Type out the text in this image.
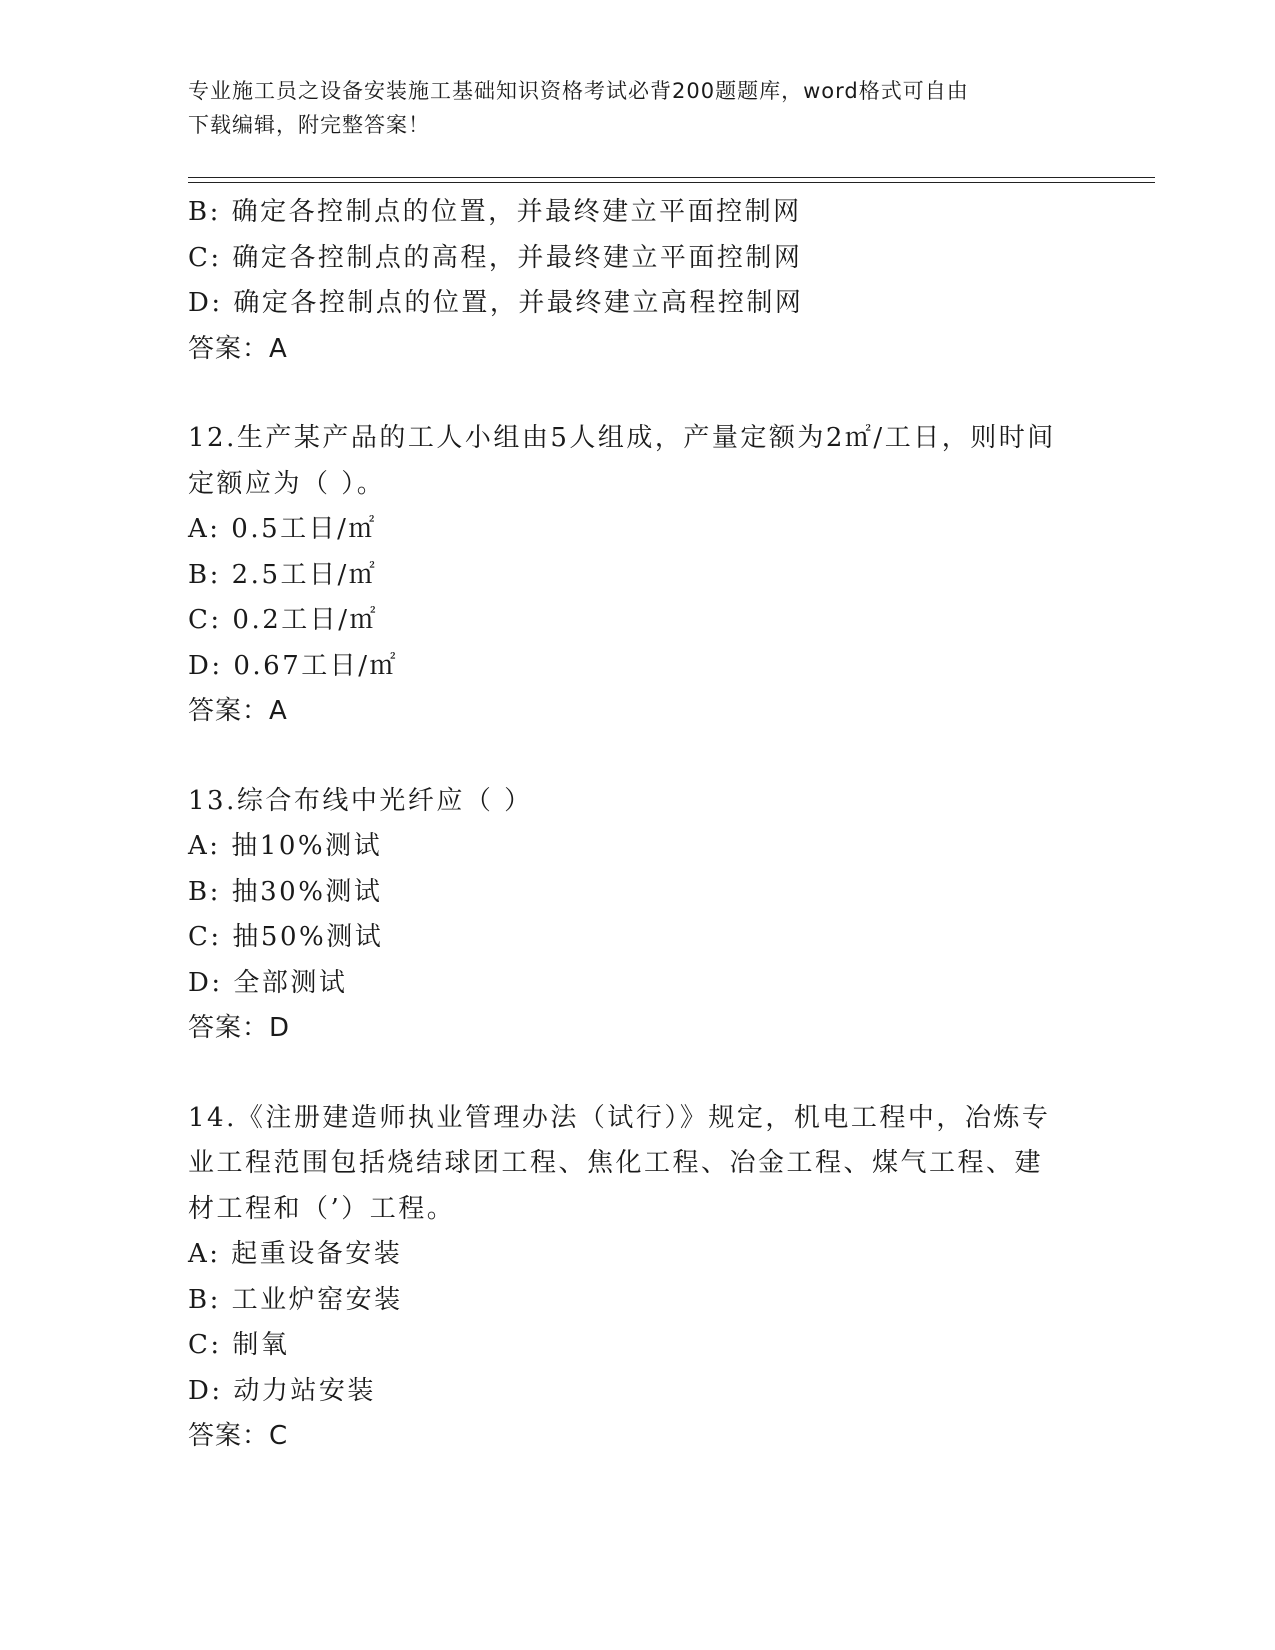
专业施工员之设备安装施工基础知识资格考试必背200题题库，word格式可自由
下载编辑，附完整答案！
B: 确定各控制点的位置，并最终建立平面控制网
C: 确定各控制点的高程，并最终建立平面控制网
D: 确定各控制点的位置，并最终建立高程控制网
答案：A
12.生产某产品的工人小组由5人组成，产量定额为2㎡/工日，则时间
定额应为（ ）。
A: 0.5工日/㎡
B: 2.5工日/㎡
C: 0.2工日/㎡
D: 0.67工日/㎡
答案：A
13.综合布线中光纤应（ ）
A: 抽10%测试
B: 抽30%测试
C: 抽50%测试
D: 全部测试
答案：D
14.《注册建造师执业管理办法（试行）》规定，机电工程中，冶炼专
业工程范围包括烧结球团工程、焦化工程、冶金工程、煤气工程、建
材工程和（’）工程。
A: 起重设备安装
B: 工业炉窑安装
C: 制氧
D: 动力站安装
答案：C
